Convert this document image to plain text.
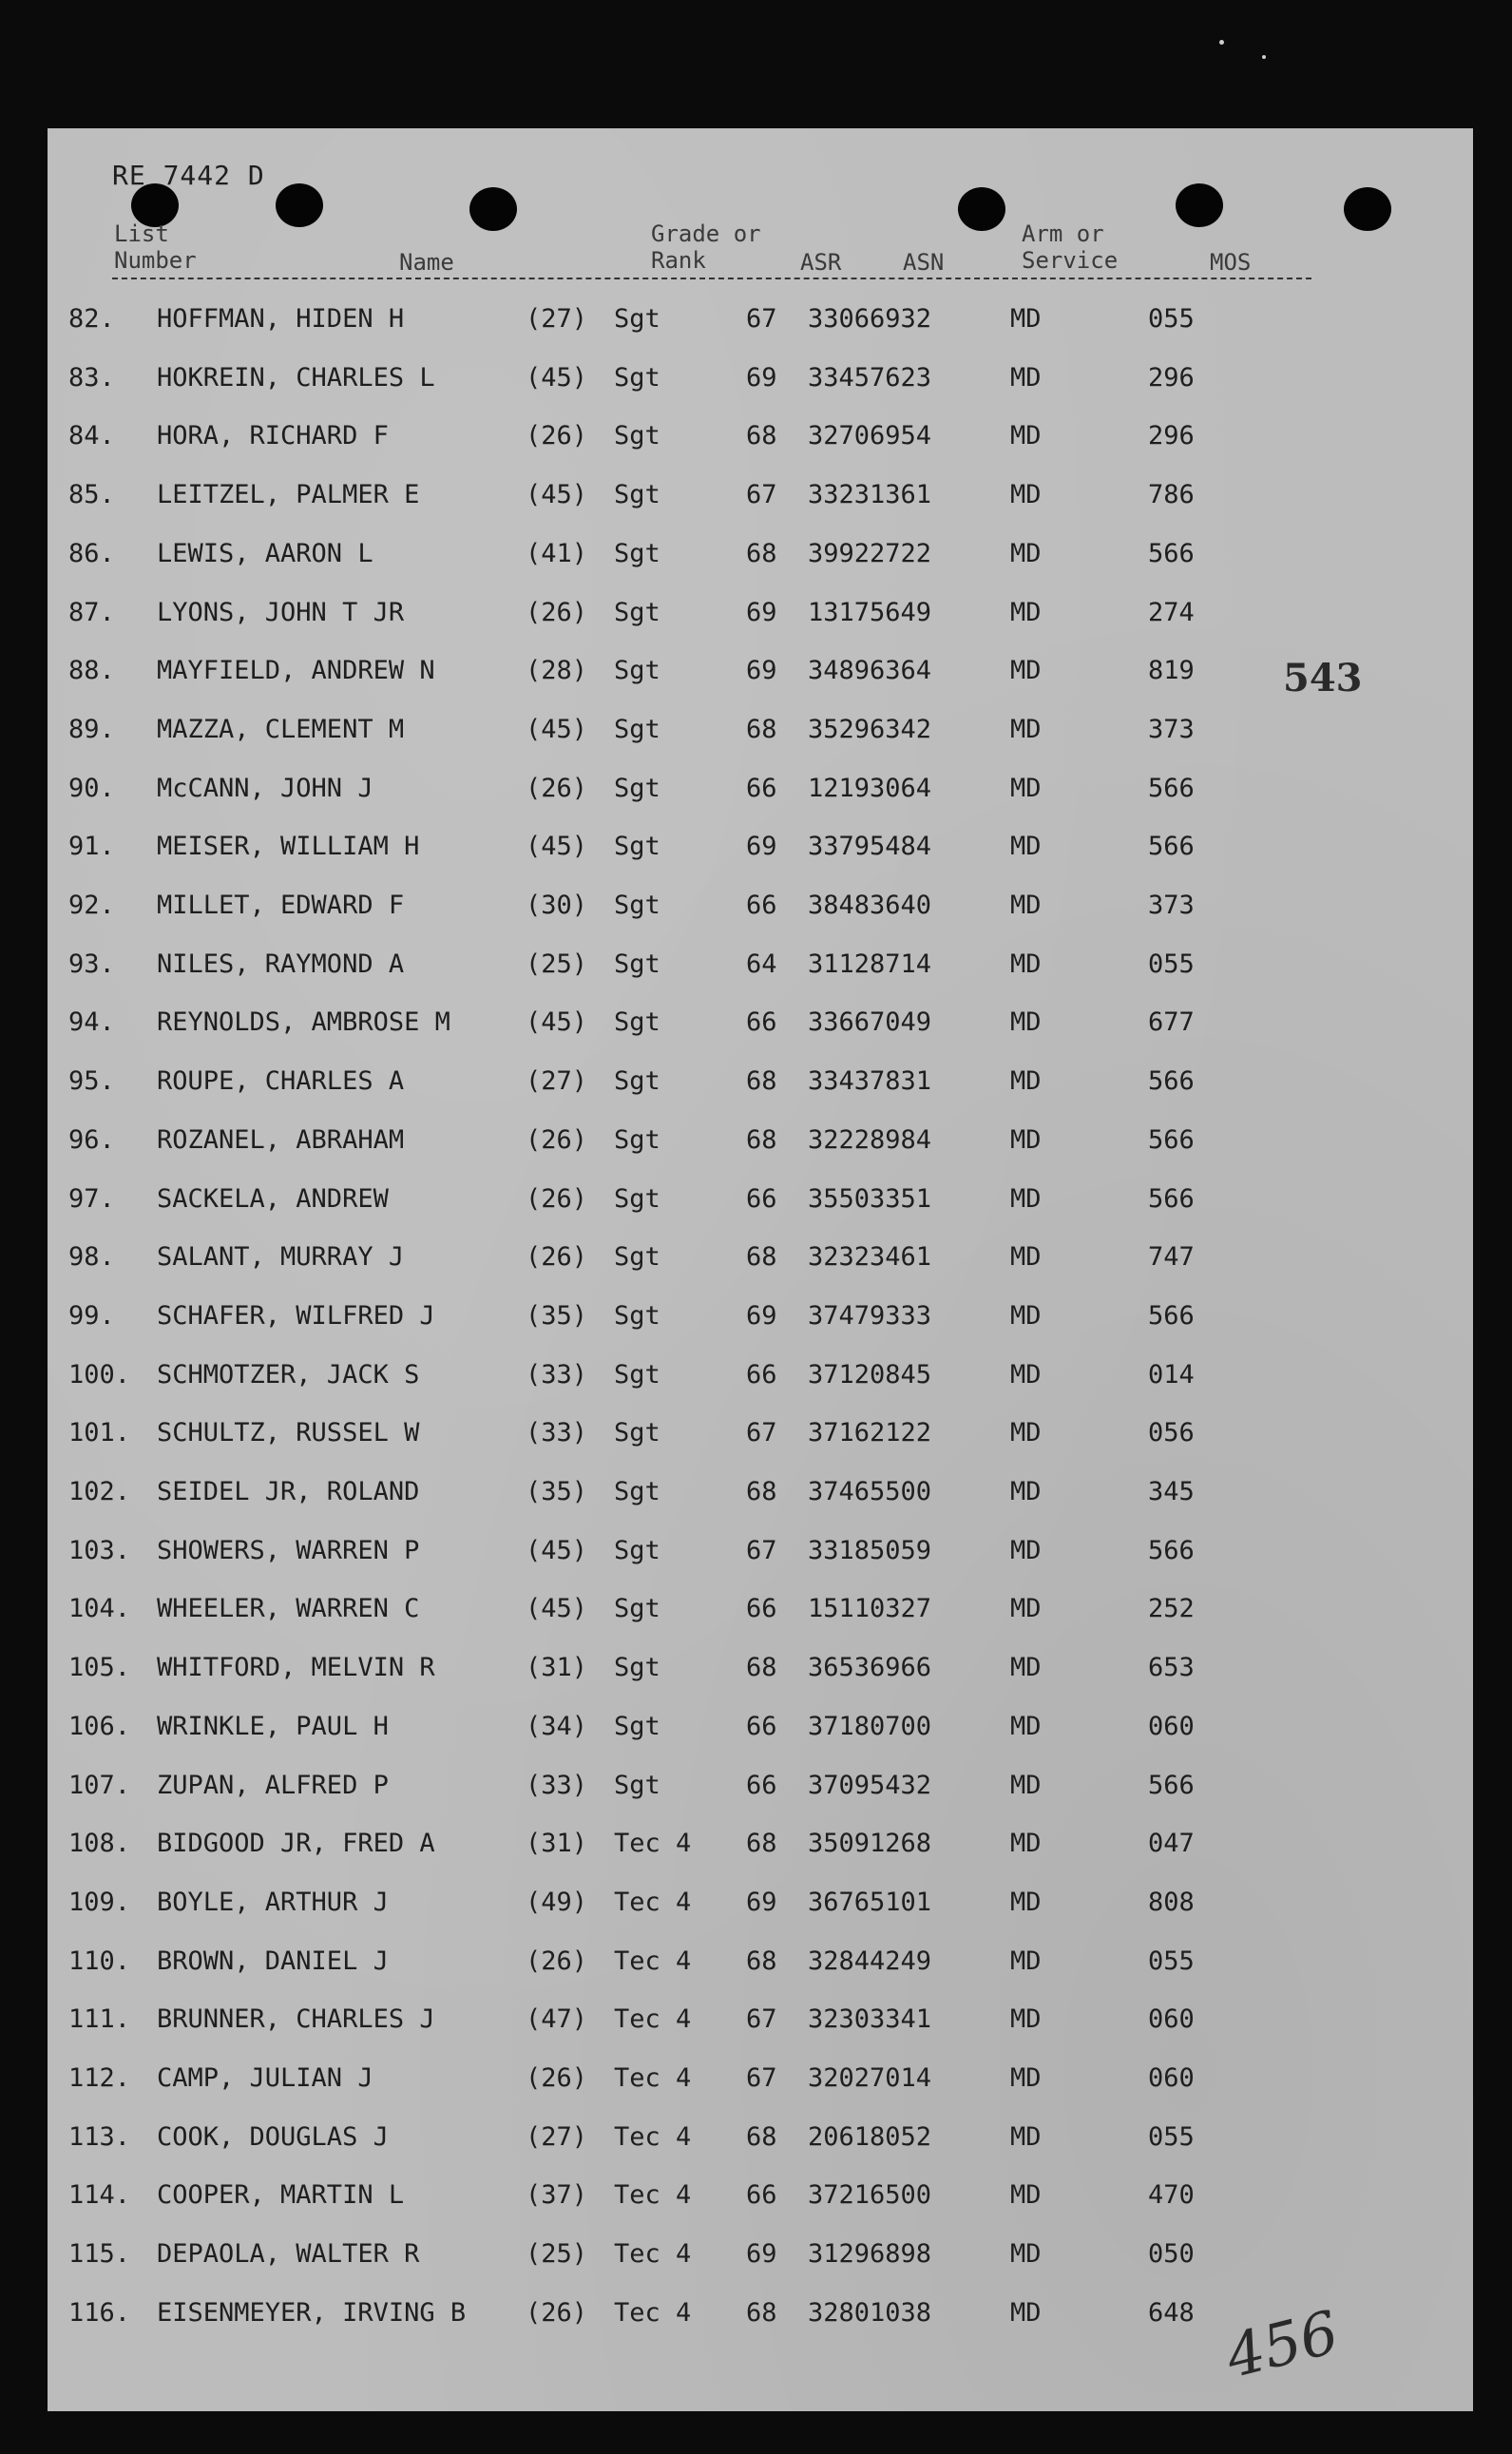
RE 7442 D
List Number	Name
Grade or Rank	ASR	ASN
Arm or Service	MOS
82. HOFFMAN, HIDEN H	(27) Sgt	67 33066932	MD	055
83. HOKREIN, CHARLES L	(45) Sgt	69 33457623	MD	296
84. HORA, RICHARD F	(26) Sgt	68 32706954	MD	296
85. LEITZEL, PALMER E	(45) Sgt	67 33231361	MD	786
86. LEWIS, AARON L	(41) Sgt	68 39922722	MD	566
87. LYONS, JOHN T JR	(26) Sgt	69 13175649	MD	274
88. MAYFIELD, ANDREW N	(28) Sgt	69 34896364	MD	819
89. MAZZA, CLEMENT M	(45) Sgt	68 35296342	MD	373
90. McCANN, JOHN J	(26) Sgt	66 12193064	MD	566
91. MEISER, WILLIAM H	(45) Sgt	69 33795484	MD	566
92. MILLET, EDWARD F	(30) Sgt	66 38483640	MD	373
93. NILES, RAYMOND A	(25) Sgt	64 31128714	MD	055
94. REYNOLDS, AMBROSE M	(45) Sgt	66 33667049	MD	677
95. ROUPE, CHARLES A	(27) Sgt	68 33437831	MD	566
96. ROZANEL, ABRAHAM	(26) Sgt	68 32228984	MD	566
97. SACKELA, ANDREW	(26) Sgt	66 35503351	MD	566
98. SALANT, MURRAY J	(26) Sgt	68 32323461	MD	747
99. SCHAFER, WILFRED J	(35) Sgt	69 37479333	MD	566
100. SCHMOTZER, JACK S	(33) Sgt	66 37120845	MD	014
101. SCHULTZ, RUSSEL W	(33) Sgt	67 37162122	MD	056
102. SEIDEL JR, ROLAND	(35) Sgt	68 37465500	MD	345
103. SHOWERS, WARREN P	(45) Sgt	67 33185059	MD	566
104. WHEELER, WARREN C	(45) Sgt	66 15110327	MD	252
105. WHITFORD, MELVIN R	(31) Sgt	68 36536966	MD	653
106. WRINKLE, PAUL H	(34) Sgt	66 37180700	MD	060
107. ZUPAN, ALFRED P	(33) Sgt	66 37095432	MD	566
108. BIDGOOD JR, FRED A	(31) Tec 4 68 35091268	MD	047
109. BOYLE, ARTHUR J	(49) Tec 4 69 36765101	MD	808
110. BROWN, DANIEL J	(26) Tec 4 68 32844249	MD	055
111. BRUNNER, CHARLES J	(47) Tec 4 67 32303341	MD	060
112. CAMP, JULIAN J	(26) Tec 4 67 32027014	MD	060
113. COOK, DOUGLAS J	(27) Tec 4 68 20618052	MD	055
114. COOPER, MARTIN L	(37) Tec 4 66 37216500	MD	470
115. DEPAOLA, WALTER R	(25) Tec 4 69 31296898	MD	050
116. EISENMEYER, IRVING B (26) Tec 4 68 32801038	MD	648
543
456
